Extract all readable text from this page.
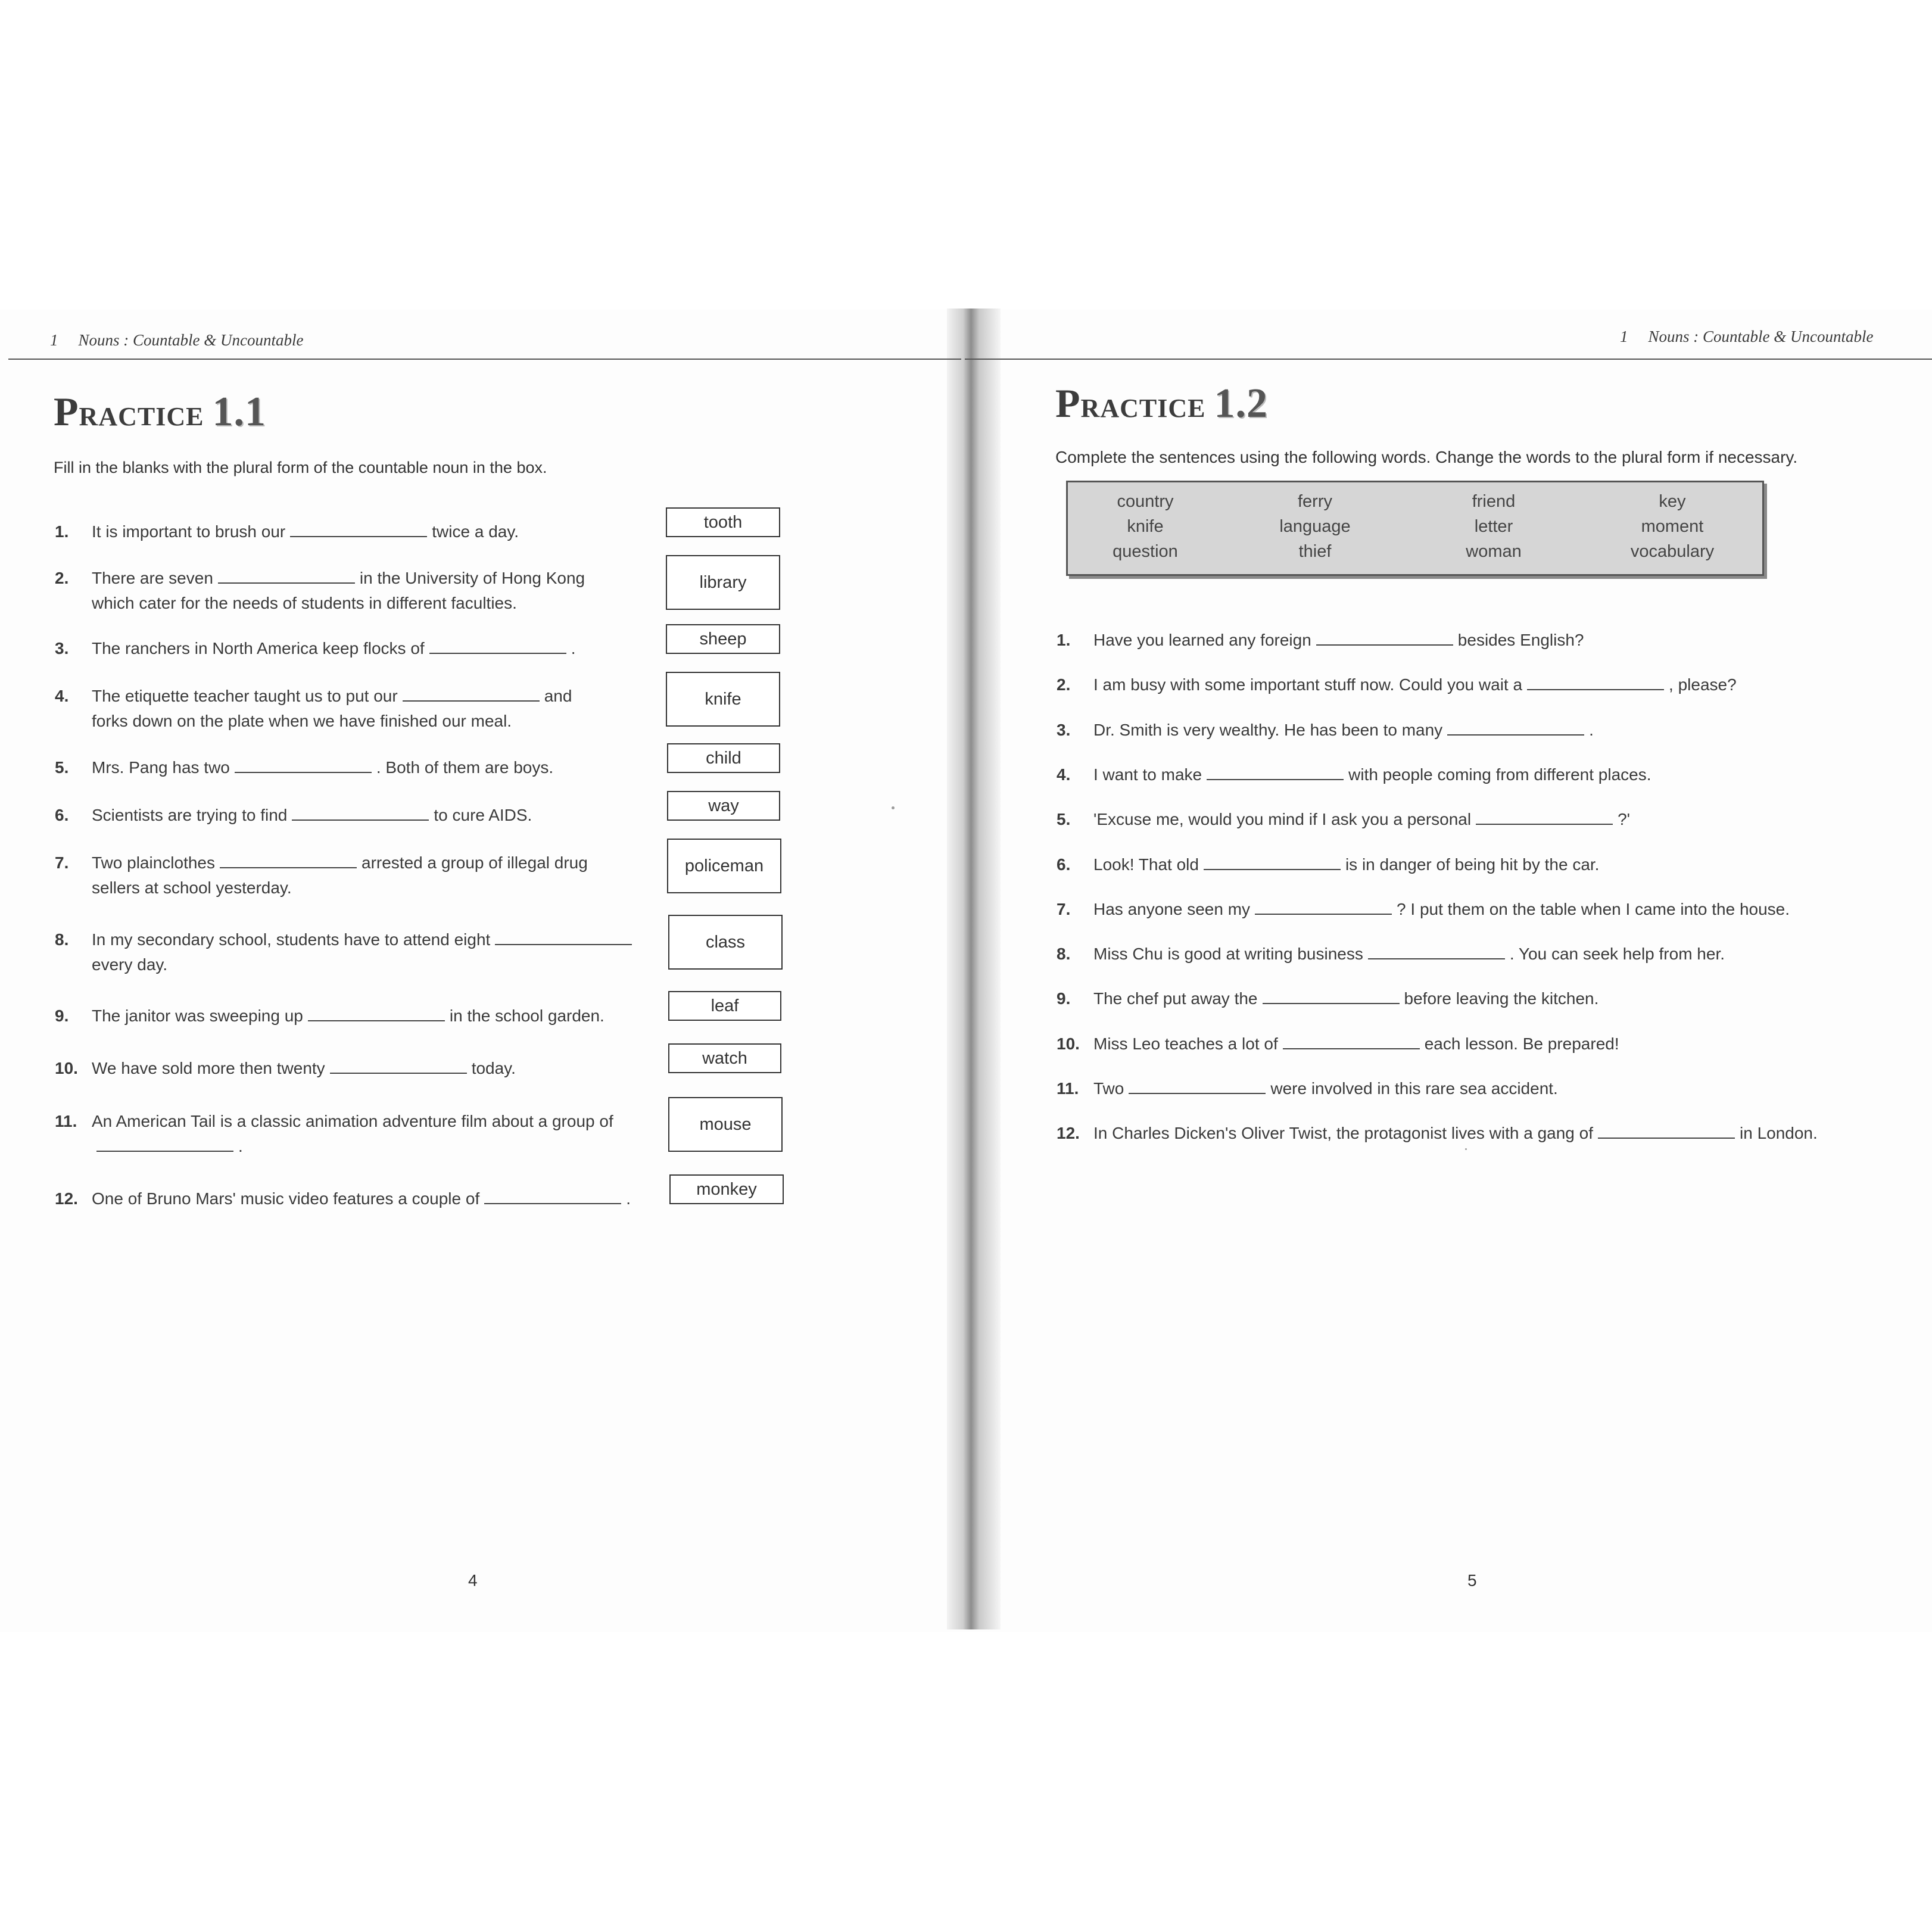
1 Nouns : Countable & Uncountable
PRACTICE 1.1
Fill in the blanks with the plural form of the countable noun in the box.
1. It is important to brush our	twice a day.	tooth
2. There are seven	in the University of Hong Kong
which cater for the needs of students in different faculties.
library
3. The ranchers in North America keep flocks of	.	sheep
4. The etiquette teacher taught us to put our	and
forks down on the plate when we have finished our meal.
knife
5. Mrs. Pang has two	. Both of them are boys.	child
6. Scientists are trying to find	to cure AIDS.	way
7. Two plainclothes	arrested a group of illegal drug
sellers at school yesterday.
policeman
8. In my secondary school, students have to attend eight
every day.
class
9. The janitor was sweeping up	in the school garden.
leaf
10. We have sold more then twenty	today.
watch
11. An American Tail is a classic animation adventure film about a group of
.
mouse
12. One of Bruno Mars' music video features a couple of	.	monkey
4
1 Nouns : Countable & Uncountable
PRACTICE 1.2
Complete the sentences using the following words. Change the words to the plural form if necessary.
country	ferry	friend	key
knife	language	letter	moment
question	thief	woman	vocabulary
1. Have you learned any foreign	besides English?
2. I am busy with some important stuff now. Could you wait a	, please?
3. Dr. Smith is very wealthy. He has been to many	.
4. I want to make	with people coming from different places.
5. 'Excuse me, would you mind if I ask you a personal	?'
6. Look! That old	is in danger of being hit by the car.
7. Has anyone seen my	? I put them on the table when I came into the house.
8. Miss Chu is good at writing business	. You can seek help from her.
9. The chef put away the	before leaving the kitchen.
10. Miss Leo teaches a lot of	each lesson. Be prepared!
11. Two	were involved in this rare sea accident.
12. In Charles Dicken's Oliver Twist, the protagonist lives with a gang of	in London.
5
